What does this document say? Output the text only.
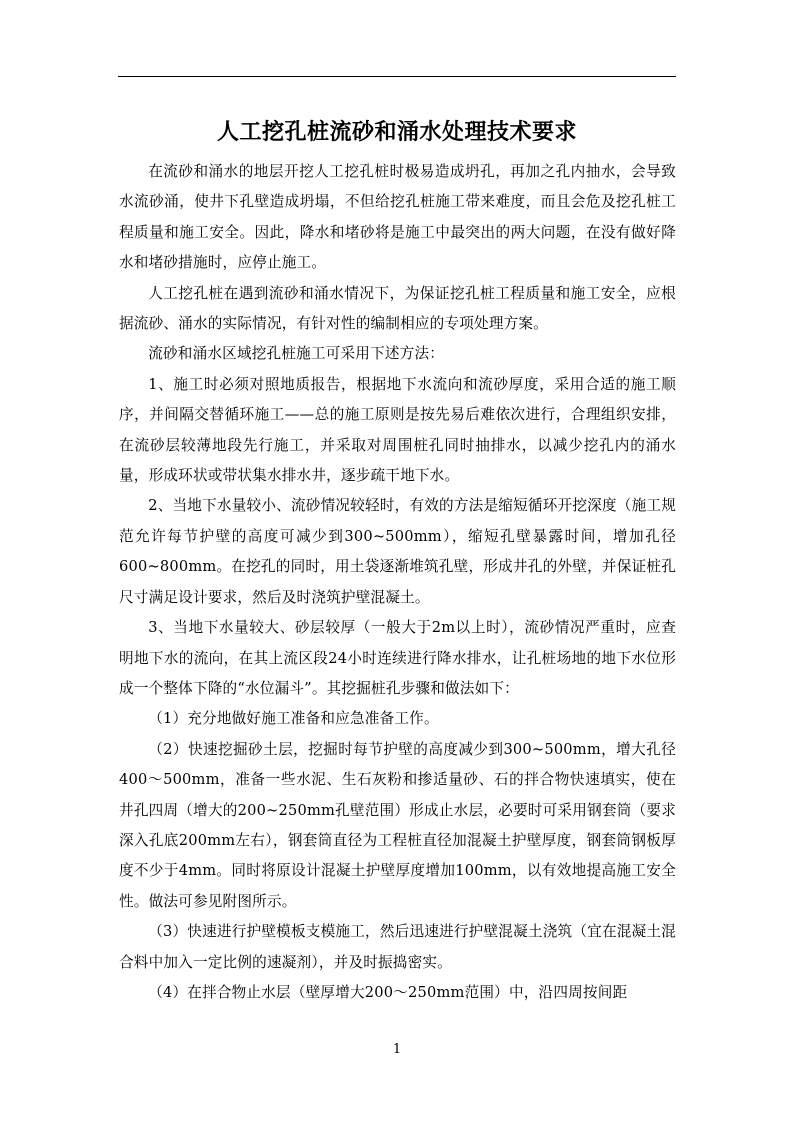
人工挖孔桩流砂和涌水处理技术要求

在流砂和涌水的地层开挖人工挖孔桩时极易造成坍孔，再加之孔内抽水，会导致水流砂涌，使井下孔壁造成坍塌，不但给挖孔桩施工带来难度，而且会危及挖孔桩工程质量和施工安全。因此，降水和堵砂将是施工中最突出的两大问题，在没有做好降水和堵砂措施时，应停止施工。

人工挖孔桩在遇到流砂和涌水情况下，为保证挖孔桩工程质量和施工安全，应根据流砂、涌水的实际情况，有针对性的编制相应的专项处理方案。

流砂和涌水区域挖孔桩施工可采用下述方法：

1、施工时必须对照地质报告，根据地下水流向和流砂厚度，采用合适的施工顺序，并间隔交替循环施工——总的施工原则是按先易后难依次进行，合理组织安排，在流砂层较薄地段先行施工，并采取对周围桩孔同时抽排水，以减少挖孔内的涌水量，形成环状或带状集水排水井，逐步疏干地下水。

2、当地下水量较小、流砂情况较轻时，有效的方法是缩短循环开挖深度（施工规范允许每节护壁的高度可减少到300~500mm），缩短孔壁暴露时间，增加孔径600~800mm。在挖孔的同时，用土袋逐渐堆筑孔壁，形成井孔的外壁，并保证桩孔尺寸满足设计要求，然后及时浇筑护壁混凝土。

3、当地下水量较大、砂层较厚（一般大于2m以上时），流砂情况严重时，应查明地下水的流向，在其上流区段24小时连续进行降水排水，让孔桩场地的地下水位形成一个整体下降的“水位漏斗”。其挖掘桩孔步骤和做法如下：

（1）充分地做好施工准备和应急准备工作。

（2）快速挖掘砂土层，挖掘时每节护壁的高度减少到300~500mm，增大孔径400～500mm，准备一些水泥、生石灰粉和掺适量砂、石的拌合物快速填实，使在井孔四周（增大的200~250mm孔壁范围）形成止水层，必要时可采用钢套筒（要求深入孔底200mm左右），钢套筒直径为工程桩直径加混凝土护壁厚度，钢套筒钢板厚度不少于4mm。同时将原设计混凝土护壁厚度增加100mm，以有效地提高施工安全性。做法可参见附图所示。

（3）快速进行护壁模板支模施工，然后迅速进行护壁混凝土浇筑（宜在混凝土混合料中加入一定比例的速凝剂），并及时振捣密实。

（4）在拌合物止水层（壁厚增大200～250mm范围）中，沿四周按间距

1
